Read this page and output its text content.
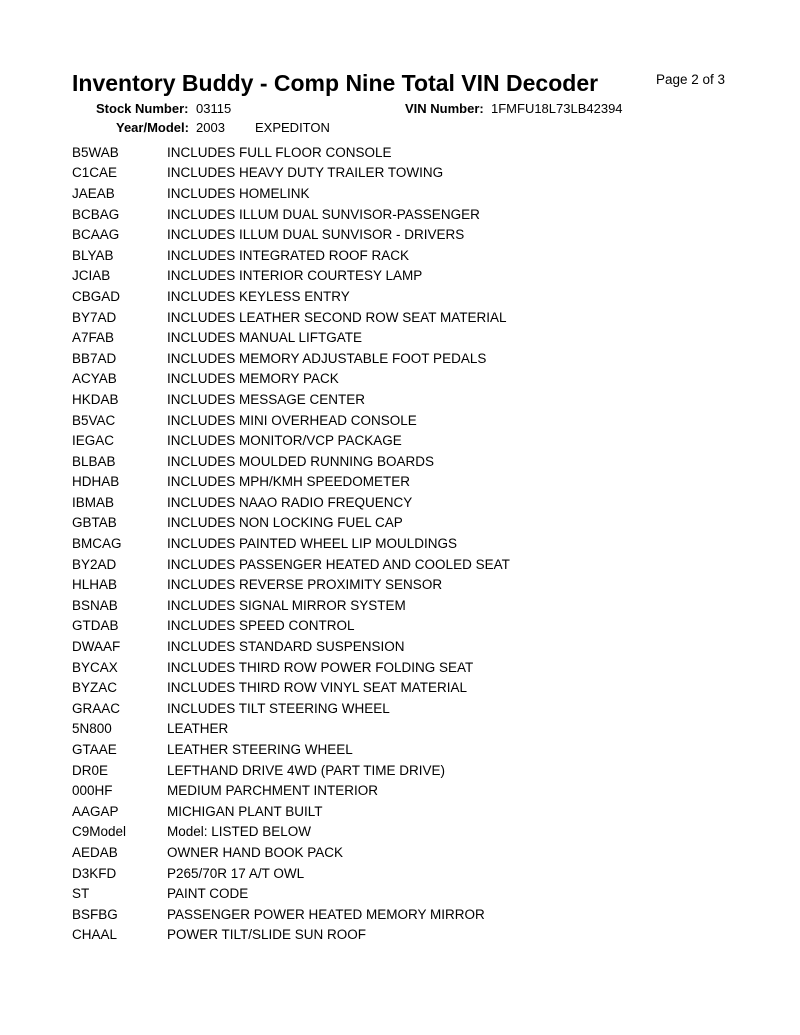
Inventory Buddy - Comp Nine Total VIN Decoder	Page 2 of 3
Stock Number: 03115	VIN Number: 1FMFU18L73LB42394
Year/Model: 2003 EXPEDITON
B5WAB	INCLUDES FULL FLOOR CONSOLE
C1CAE	INCLUDES HEAVY DUTY TRAILER TOWING
JAEAB	INCLUDES HOMELINK
BCBAG	INCLUDES ILLUM DUAL SUNVISOR-PASSENGER
BCAAG	INCLUDES ILLUM DUAL SUNVISOR - DRIVERS
BLYAB	INCLUDES INTEGRATED ROOF RACK
JCIAB	INCLUDES INTERIOR COURTESY LAMP
CBGAD	INCLUDES KEYLESS ENTRY
BY7AD	INCLUDES LEATHER SECOND ROW SEAT MATERIAL
A7FAB	INCLUDES MANUAL LIFTGATE
BB7AD	INCLUDES MEMORY ADJUSTABLE FOOT PEDALS
ACYAB	INCLUDES MEMORY PACK
HKDAB	INCLUDES MESSAGE CENTER
B5VAC	INCLUDES MINI OVERHEAD CONSOLE
IEGAC	INCLUDES MONITOR/VCP PACKAGE
BLBAB	INCLUDES MOULDED RUNNING BOARDS
HDHAB	INCLUDES MPH/KMH SPEEDOMETER
IBMAB	INCLUDES NAAO RADIO FREQUENCY
GBTAB	INCLUDES NON LOCKING FUEL CAP
BMCAG	INCLUDES PAINTED WHEEL LIP MOULDINGS
BY2AD	INCLUDES PASSENGER HEATED AND COOLED SEAT
HLHAB	INCLUDES REVERSE PROXIMITY SENSOR
BSNAB	INCLUDES SIGNAL MIRROR SYSTEM
GTDAB	INCLUDES SPEED CONTROL
DWAAF	INCLUDES STANDARD SUSPENSION
BYCAX	INCLUDES THIRD ROW POWER FOLDING SEAT
BYZAC	INCLUDES THIRD ROW VINYL SEAT MATERIAL
GRAAC	INCLUDES TILT STEERING WHEEL
5N800	LEATHER
GTAAE	LEATHER STEERING WHEEL
DR0E	LEFTHAND DRIVE 4WD (PART TIME DRIVE)
000HF	MEDIUM PARCHMENT INTERIOR
AAGAP	MICHIGAN PLANT BUILT
C9Model	Model: LISTED BELOW
AEDAB	OWNER HAND BOOK PACK
D3KFD	P265/70R 17 A/T OWL
ST	PAINT CODE
BSFBG	PASSENGER POWER HEATED MEMORY MIRROR
CHAAL	POWER TILT/SLIDE SUN ROOF
